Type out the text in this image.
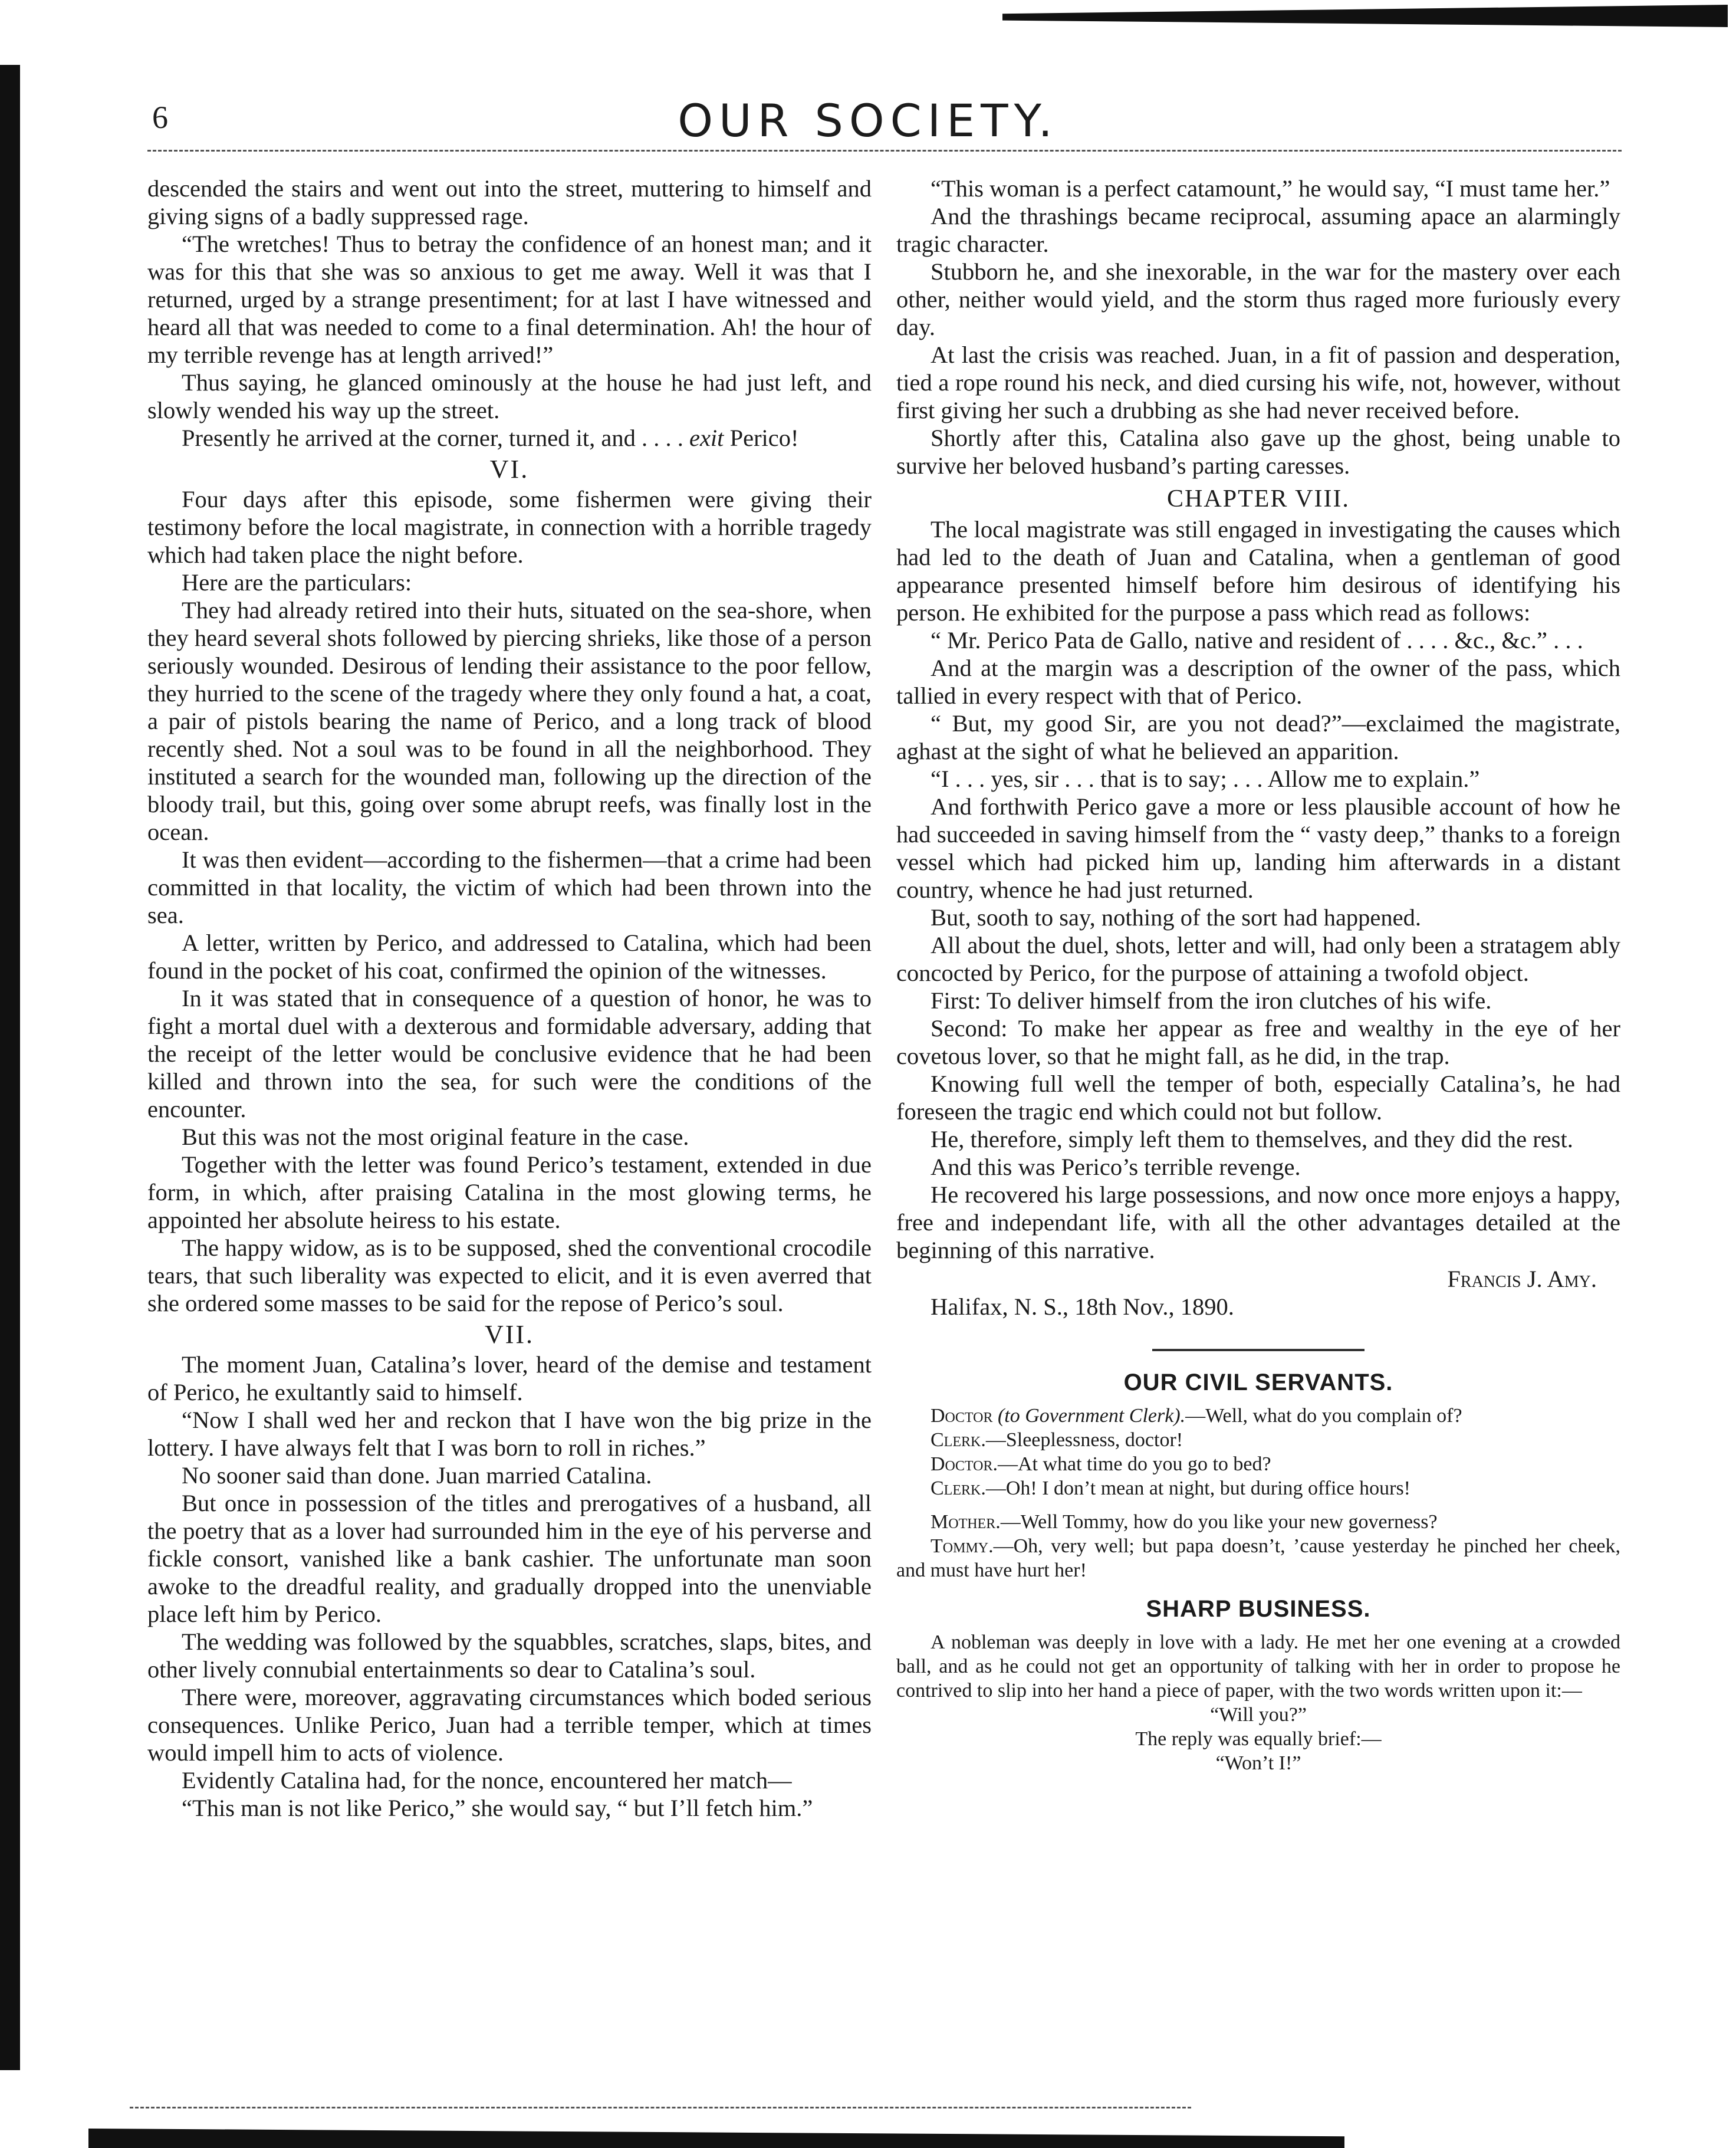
6	OUR SOCIETY.

descended the stairs and went out into the street, muttering to himself and giving signs of a badly suppressed rage.

“The wretches! Thus to betray the confidence of an honest man; and it was for this that she was so anxious to get me away. Well it was that I returned, urged by a strange presentiment; for at last I have witnessed and heard all that was needed to come to a final determination. Ah! the hour of my terrible revenge has at length arrived!”

Thus saying, he glanced ominously at the house he had just left, and slowly wended his way up the street.

Presently he arrived at the corner, turned it, and . . . . exit Perico!

VI.

Four days after this episode, some fishermen were giving their testimony before the local magistrate, in connection with a horrible tragedy which had taken place the night before.

Here are the particulars:

They had already retired into their huts, situated on the sea-shore, when they heard several shots followed by piercing shrieks, like those of a person seriously wounded. Desirous of lending their assistance to the poor fellow, they hurried to the scene of the tragedy where they only found a hat, a coat, a pair of pistols bearing the name of Perico, and a long track of blood recently shed. Not a soul was to be found in all the neighborhood. They instituted a search for the wounded man, following up the direction of the bloody trail, but this, going over some abrupt reefs, was finally lost in the ocean.

It was then evident—according to the fishermen—that a crime had been committed in that locality, the victim of which had been thrown into the sea.

A letter, written by Perico, and addressed to Catalina, which had been found in the pocket of his coat, confirmed the opinion of the witnesses.

In it was stated that in consequence of a question of honor, he was to fight a mortal duel with a dexterous and formidable adversary, adding that the receipt of the letter would be conclusive evidence that he had been killed and thrown into the sea, for such were the conditions of the encounter.

But this was not the most original feature in the case.

Together with the letter was found Perico’s testament, extended in due form, in which, after praising Catalina in the most glowing terms, he appointed her absolute heiress to his estate.

The happy widow, as is to be supposed, shed the conventional crocodile tears, that such liberality was expected to elicit, and it is even averred that she ordered some masses to be said for the repose of Perico’s soul.

VII.

The moment Juan, Catalina’s lover, heard of the demise and testament of Perico, he exultantly said to himself.

“Now I shall wed her and reckon that I have won the big prize in the lottery. I have always felt that I was born to roll in riches.”

No sooner said than done. Juan married Catalina.

But once in possession of the titles and prerogatives of a husband, all the poetry that as a lover had surrounded him in the eye of his perverse and fickle consort, vanished like a bank cashier. The unfortunate man soon awoke to the dreadful reality, and gradually dropped into the unenviable place left him by Perico.

The wedding was followed by the squabbles, scratches, slaps, bites, and other lively connubial entertainments so dear to Catalina’s soul.

There were, moreover, aggravating circumstances which boded serious consequences. Unlike Perico, Juan had a terrible temper, which at times would impell him to acts of violence.

Evidently Catalina had, for the nonce, encountered her match—

“This man is not like Perico,” she would say, “ but I’ll fetch him.”

“This woman is a perfect catamount,” he would say, “I must tame her.”

And the thrashings became reciprocal, assuming apace an alarmingly tragic character.

Stubborn he, and she inexorable, in the war for the mastery over each other, neither would yield, and the storm thus raged more furiously every day.

At last the crisis was reached. Juan, in a fit of passion and desperation, tied a rope round his neck, and died cursing his wife, not, however, without first giving her such a drubbing as she had never received before.

Shortly after this, Catalina also gave up the ghost, being unable to survive her beloved husband’s parting caresses.

CHAPTER VIII.

The local magistrate was still engaged in investigating the causes which had led to the death of Juan and Catalina, when a gentleman of good appearance presented himself before him desirous of identifying his person. He exhibited for the purpose a pass which read as follows:

“ Mr. Perico Pata de Gallo, native and resident of . . . . &c., &c.” . . .

And at the margin was a description of the owner of the pass, which tallied in every respect with that of Perico.

“ But, my good Sir, are you not dead?”—exclaimed the magistrate, aghast at the sight of what he believed an apparition.

“I . . . yes, sir . . . that is to say; . . . Allow me to explain.”

And forthwith Perico gave a more or less plausible account of how he had succeeded in saving himself from the “ vasty deep,” thanks to a foreign vessel which had picked him up, landing him afterwards in a distant country, whence he had just returned.

But, sooth to say, nothing of the sort had happened.

All about the duel, shots, letter and will, had only been a stratagem ably concocted by Perico, for the purpose of attaining a twofold object.

First: To deliver himself from the iron clutches of his wife.

Second: To make her appear as free and wealthy in the eye of her covetous lover, so that he might fall, as he did, in the trap.

Knowing full well the temper of both, especially Catalina’s, he had foreseen the tragic end which could not but follow.

He, therefore, simply left them to themselves, and they did the rest.

And this was Perico’s terrible revenge.

He recovered his large possessions, and now once more enjoys a happy, free and independant life, with all the other advantages detailed at the beginning of this narrative.

Francis J. Amy.

Halifax, N. S., 18th Nov., 1890.

OUR CIVIL SERVANTS.

Doctor (to Government Clerk).—Well, what do you complain of?

Clerk.—Sleeplessness, doctor!

Doctor.—At what time do you go to bed?

Clerk.—Oh! I don’t mean at night, but during office hours!

Mother.—Well Tommy, how do you like your new governess?

Tommy.—Oh, very well; but papa doesn’t, ’cause yesterday he pinched her cheek, and must have hurt her!

SHARP BUSINESS.

A nobleman was deeply in love with a lady. He met her one evening at a crowded ball, and as he could not get an opportunity of talking with her in order to propose he contrived to slip into her hand a piece of paper, with the two words written upon it:—

“Will you?”

The reply was equally brief:—

“Won’t I!”
